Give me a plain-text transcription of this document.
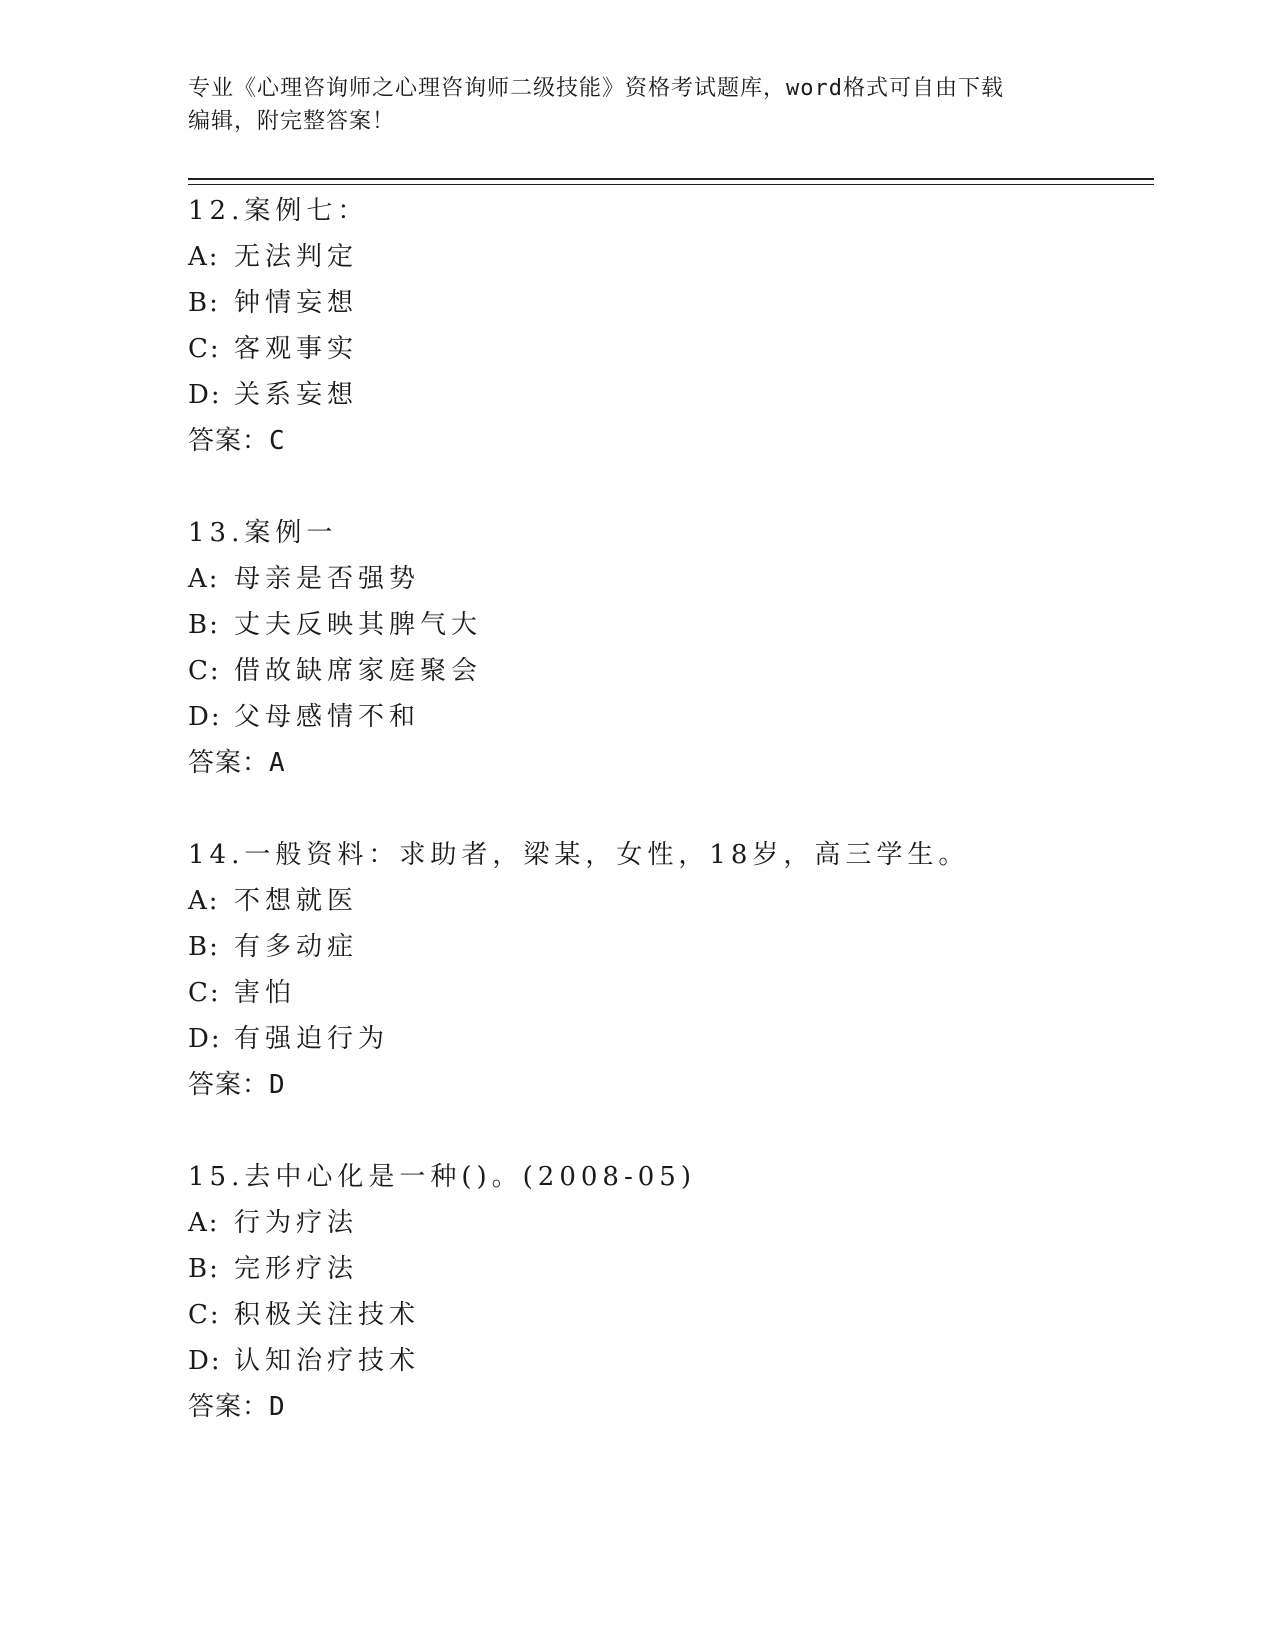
专业《心理咨询师之心理咨询师二级技能》资格考试题库，word格式可自由下载
编辑，附完整答案！
12.案例七：
A: 无法判定
B: 钟情妄想
C: 客观事实
D: 关系妄想
答案：C
13.案例一
A: 母亲是否强势
B: 丈夫反映其脾气大
C: 借故缺席家庭聚会
D: 父母感情不和
答案：A
14.一般资料：求助者，梁某，女性，18岁，高三学生。
A: 不想就医
B: 有多动症
C: 害怕
D: 有强迫行为
答案：D
15.去中心化是一种()。(2008-05)
A: 行为疗法
B: 完形疗法
C: 积极关注技术
D: 认知治疗技术
答案：D
